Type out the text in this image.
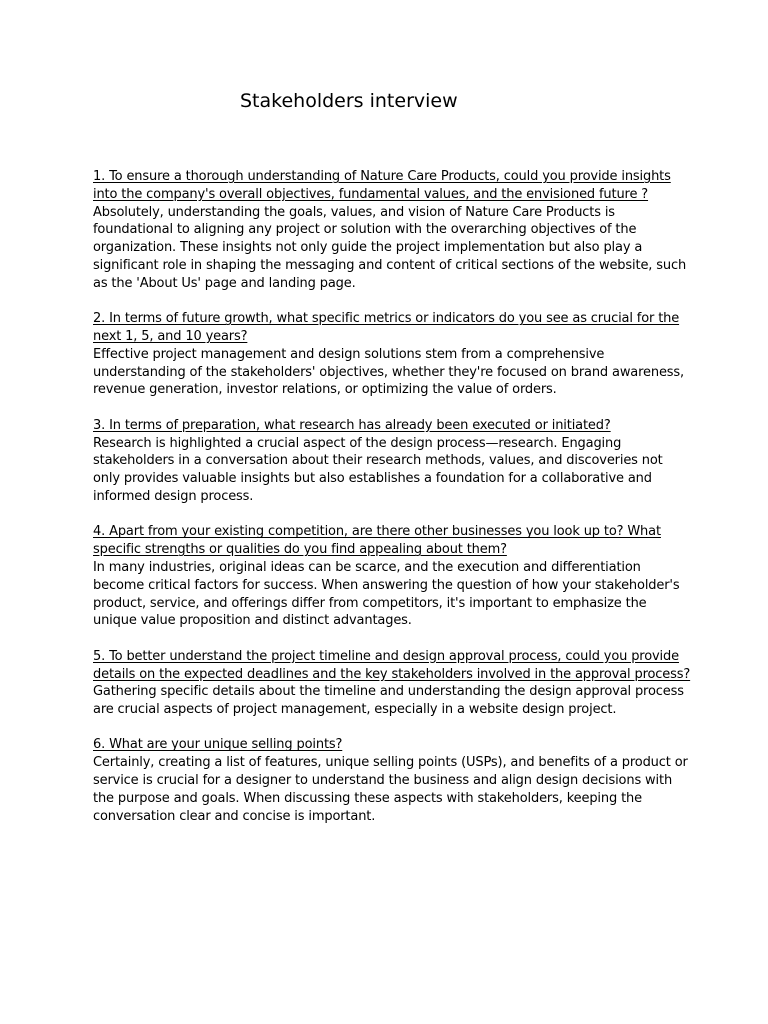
Stakeholders interview

1. To ensure a thorough understanding of Nature Care Products, could you provide insights into the company's overall objectives, fundamental values, and the envisioned future ?

Absolutely, understanding the goals, values, and vision of Nature Care Products is foundational to aligning any project or solution with the overarching objectives of the organization. These insights not only guide the project implementation but also play a significant role in shaping the messaging and content of critical sections of the website, such as the 'About Us' page and landing page.

2. In terms of future growth, what specific metrics or indicators do you see as crucial for the next 1, 5, and 10 years?

Effective project management and design solutions stem from a comprehensive understanding of the stakeholders' objectives, whether they're focused on brand awareness, revenue generation, investor relations, or optimizing the value of orders.

3. In terms of preparation, what research has already been executed or initiated?

Research is highlighted a crucial aspect of the design process—research. Engaging stakeholders in a conversation about their research methods, values, and discoveries not only provides valuable insights but also establishes a foundation for a collaborative and informed design process.

4. Apart from your existing competition, are there other businesses you look up to? What specific strengths or qualities do you find appealing about them?

In many industries, original ideas can be scarce, and the execution and differentiation become critical factors for success. When answering the question of how your stakeholder's product, service, and offerings differ from competitors, it's important to emphasize the unique value proposition and distinct advantages.

5. To better understand the project timeline and design approval process, could you provide details on the expected deadlines and the key stakeholders involved in the approval process?

Gathering specific details about the timeline and understanding the design approval process are crucial aspects of project management, especially in a website design project.

6. What are your unique selling points?

Certainly, creating a list of features, unique selling points (USPs), and benefits of a product or service is crucial for a designer to understand the business and align design decisions with the purpose and goals. When discussing these aspects with stakeholders, keeping the conversation clear and concise is important.
